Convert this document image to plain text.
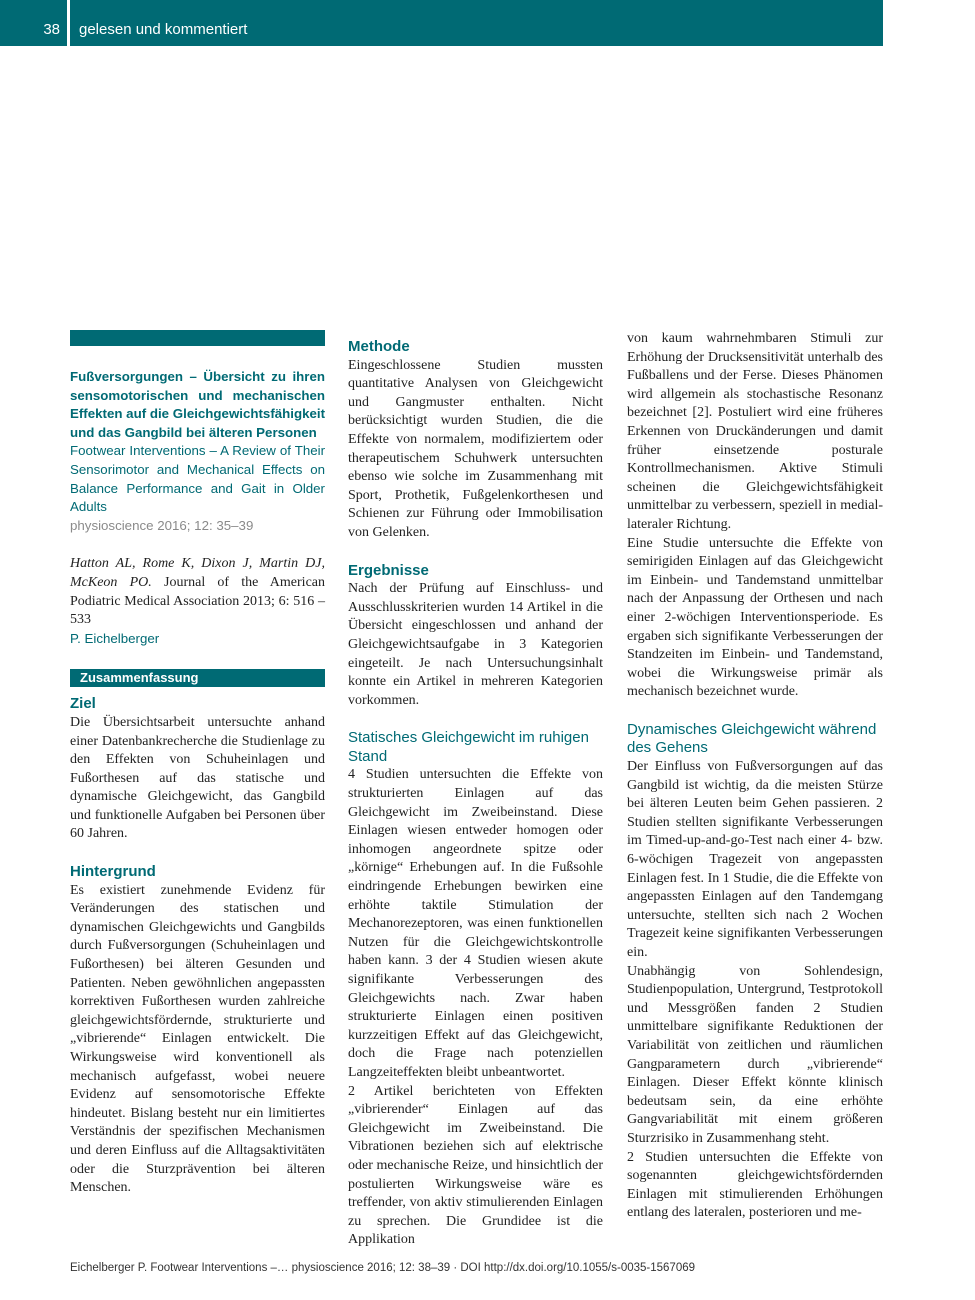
38	gelesen und kommentiert

Fußversorgungen – Übersicht zu ihren sensomotorischen und mechanischen Effekten auf die Gleichgewichtsfähigkeit und das Gangbild bei älteren Personen

Footwear Interventions – A Review of Their Sensorimotor and Mechanical Effects on Balance Performance and Gait in Older Adults

physioscience 2016; 12: 35–39

Hatton AL, Rome K, Dixon J, Martin DJ, McKeon PO. Journal of the American Podiatric Medical Association 2013; 6: 516 – 533

P. Eichelberger

Zusammenfassung
Ziel

Die Übersichtsarbeit untersuchte anhand einer Datenbankrecherche die Studienlage zu den Effekten von Schuheinlagen und Fußorthesen auf das statische und dynamische Gleichgewicht, das Gangbild und funktionelle Aufgaben bei Personen über 60 Jahren.

Hintergrund

Es existiert zunehmende Evidenz für Veränderungen des statischen und dynamischen Gleichgewichts und Gangbilds durch Fußversorgungen (Schuheinlagen und Fußorthesen) bei älteren Gesunden und Patienten. Neben gewöhnlichen angepassten korrektiven Fußorthesen wurden zahlreiche gleichgewichtsfördernde, strukturierte und „vibrierende“ Einlagen entwickelt. Die Wirkungsweise wird konventionell als mechanisch aufgefasst, wobei neuere Evidenz auf sensomotorische Effekte hindeutet. Bislang besteht nur ein limitiertes Verständnis der spezifischen Mechanismen und deren Einfluss auf die Alltagsaktivitäten oder die Sturzprävention bei älteren Menschen.

Methode

Eingeschlossene Studien mussten quantitative Analysen von Gleichgewicht und Gangmuster enthalten. Nicht berücksichtigt wurden Studien, die die Effekte von normalem, modifiziertem oder therapeutischem Schuhwerk untersuchten ebenso wie solche im Zusammenhang mit Sport, Prothetik, Fußgelenkorthesen und Schienen zur Führung oder Immobilisation von Gelenken.

Ergebnisse

Nach der Prüfung auf Einschluss- und Ausschlusskriterien wurden 14 Artikel in die Übersicht eingeschlossen und anhand der Gleichgewichtsaufgabe in 3 Kategorien eingeteilt. Je nach Untersuchungsinhalt konnte ein Artikel in mehreren Kategorien vorkommen.

Statisches Gleichgewicht im ruhigen Stand

4 Studien untersuchten die Effekte von strukturierten Einlagen auf das Gleichgewicht im Zweibeinstand. Diese Einlagen wiesen entweder homogen oder inhomogen angeordnete spitze oder „körnige“ Erhebungen auf. In die Fußsohle eindringende Erhebungen bewirken eine erhöhte taktile Stimulation der Mechanorezeptoren, was einen funktionellen Nutzen für die Gleichgewichtskontrolle haben kann. 3 der 4 Studien wiesen akute signifikante Verbesserungen des Gleichgewichts nach. Zwar haben strukturierte Einlagen einen positiven kurzzeitigen Effekt auf das Gleichgewicht, doch die Frage nach potenziellen Langzeiteffekten bleibt unbeantwortet.

2 Artikel berichteten von Effekten „vibrierender“ Einlagen auf das Gleichgewicht im Zweibeinstand. Die Vibrationen beziehen sich auf elektrische oder mechanische Reize, und hinsichtlich der postulierten Wirkungsweise wäre es treffender, von aktiv stimulierenden Einlagen zu sprechen. Die Grundidee ist die Applikation

von kaum wahrnehmbaren Stimuli zur Erhöhung der Drucksensitivität unterhalb des Fußballens und der Ferse. Dieses Phänomen wird allgemein als stochastische Resonanz bezeichnet [2]. Postuliert wird eine früheres Erkennen von Druckänderungen und damit früher einsetzende posturale Kontrollmechanismen. Aktive Stimuli scheinen die Gleichgewichtsfähigkeit unmittelbar zu verbessern, speziell in medial-lateraler Richtung.

Eine Studie untersuchte die Effekte von semirigiden Einlagen auf das Gleichgewicht im Einbein- und Tandemstand unmittelbar nach der Anpassung der Orthesen und nach einer 2-wöchigen Interventionsperiode. Es ergaben sich signifikante Verbesserungen der Standzeiten im Einbein- und Tandemstand, wobei die Wirkungsweise primär als mechanisch bezeichnet wurde.

Dynamisches Gleichgewicht während des Gehens

Der Einfluss von Fußversorgungen auf das Gangbild ist wichtig, da die meisten Stürze bei älteren Leuten beim Gehen passieren. 2 Studien stellten signifikante Verbesserungen im Timed-up-and-go-Test nach einer 4- bzw. 6-wöchigen Tragezeit von angepassten Einlagen fest. In 1 Studie, die die Effekte von angepassten Einlagen auf den Tandemgang untersuchte, stellten sich nach 2 Wochen Tragezeit keine signifikanten Verbesserungen ein.

Unabhängig von Sohlendesign, Studienpopulation, Untergrund, Testprotokoll und Messgrößen fanden 2 Studien unmittelbare signifikante Reduktionen der Variabilität von zeitlichen und räumlichen Gangparametern durch „vibrierende“ Einlagen. Dieser Effekt könnte klinisch bedeutsam sein, da eine erhöhte Gangvariabilität mit einem größeren Sturzrisiko in Zusammenhang steht.

2 Studien untersuchten die Effekte von sogenannten gleichgewichtsfördernden Einlagen mit stimulierenden Erhöhungen entlang des lateralen, posterioren und me-

Eichelberger P. Footwear Interventions –… physioscience 2016; 12: 38–39 · DOI http://dx.doi.org/10.1055/s-0035-1567069
